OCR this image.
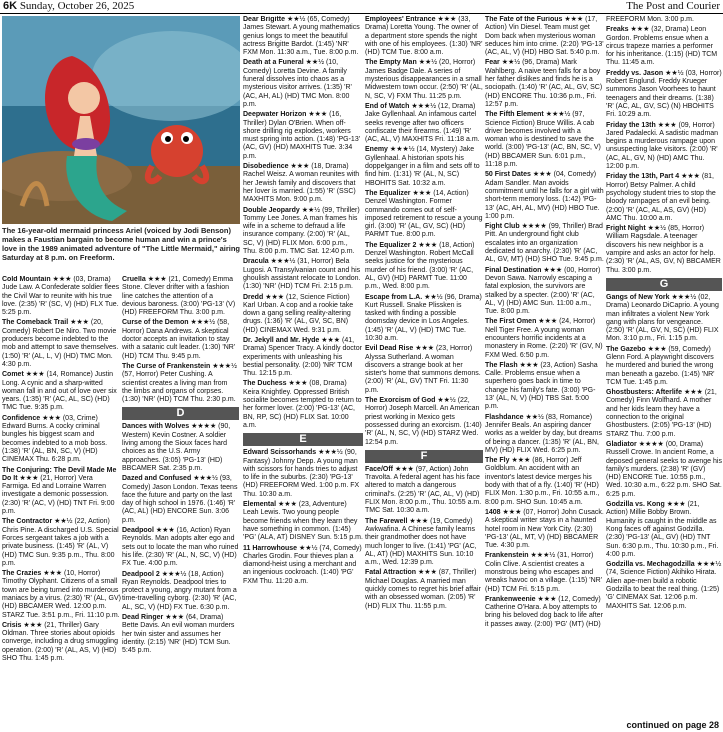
6K Sunday, October 26, 2025	The Post and Courier
The 16-year-old mermaid princess Ariel (voiced by Jodi Benson) makes a Faustian bargain to become human and win a prince's love in the 1989 animated adventure of "The Little Mermaid," airing Saturday at 8 p.m. on Freeform.
Cold Mountain ★★★ (03, Drama) Jude Law. A Confederate soldier flees the Civil War to reunite with his true love. (2:35) 'R' (SC, V) (HD) FLX Tue. 5:25 p.m.
The Comeback Trail ★★★ (20, Comedy) Robert De Niro. Two movie producers become indebted to the mob and attempt to save themselves. (1:50) 'R' (AL, L, V) (HD) TMC Mon. 4:30 p.m.
Comet ★★★ (14, Romance) Justin Long. A cynic and a sharp-witted woman fall in and out of love over six years. (1:35) 'R' (AC, AL, SC) (HD) TMC Tue. 9:35 p.m.
Confidence ★★★ (03, Crime) Edward Burns. A cocky criminal bungles his biggest scam and becomes indebted to a mob boss. (1:38) 'R' (AL, BN, SC, V) (HD) CINEMAX Thu. 6:28 p.m.
The Conjuring: The Devil Made Me Do It ★★★ (21, Horror) Vera Farmiga. Ed and Lorraine Warren investigate a demonic possession. (2:30) 'R' (AC, V) (HD) TNT Fri. 9:00 p.m.
The Contractor ★★½ (22, Action) Chris Pine. A discharged U.S. Special Forces sergeant takes a job with a private business. (1:45) 'R' (AL, V) (HD) TMC Sun. 9:35 p.m., Thu. 8:00 p.m.
The Crazies ★★★ (10, Horror) Timothy Olyphant. Citizens of a small town are being turned into murderous maniacs by a virus. (2:30) 'R' (AL, GV) (HD) BBCAMER Wed. 12:00 p.m. STARZ Tue. 3:51 p.m., Fri. 11:10 p.m.
Crisis ★★★ (21, Thriller) Gary Oldman. Three stories about opioids converge, including a drug smuggling operation. (2:00) 'R' (AL, AS, V) (HD) SHO Thu. 1:45 p.m.
Cruella ★★★ (21, Comedy) Emma Stone. Clever drifter with a fashion line catches the attention of a devious baroness. (3:00) 'PG-13' (V) (HD) FREEFORM Thu. 3:00 p.m.
Curse of the Demon ★★★½ (58, Horror) Dana Andrews. A skeptical doctor accepts an invitation to stay with a satanic cult leader. (1:30) 'NR' (HD) TCM Thu. 9:45 p.m.
The Curse of Frankenstein ★★★½ (57, Horror) Peter Cushing. A scientist creates a living man from the limbs and organs of corpses. (1:30) 'NR' (HD) TCM Thu. 2:30 p.m.
D
Dances with Wolves ★★★★ (90, Western) Kevin Costner. A soldier living among the Sioux faces hard choices as the U.S. Army approaches. (3:05) 'PG-13' (HD) BBCAMER Sat. 2:35 p.m.
Dazed and Confused ★★★½ (93, Comedy) Jason London. Texas teens face the future and party on the last day of high school in 1976. (1:46) 'R' (AC, AL) (HD) ENCORE Sun. 3:06 p.m.
Deadpool ★★★ (16, Action) Ryan Reynolds. Man adopts alter ego and sets out to locate the man who ruined his life. (2:30) 'R' (AL, N, SC, V) (HD) FX Tue. 4:00 p.m.
Deadpool 2 ★★★½ (18, Action) Ryan Reynolds. Deadpool tries to protect a young, angry mutant from a time-travelling cyborg. (2:30) 'R' (AC, AL, SC, V) (HD) FX Tue. 6:30 p.m.
Dead Ringer ★★★ (64, Drama) Bette Davis. An evil woman murders her twin sister and assumes her identity. (2:15) 'NR' (HD) TCM Sun. 5:45 p.m.
Dear Brigitte ★★½ (65, Comedy) James Stewart. A young mathematics genius longs to meet the beautiful actress Brigitte Bardot. (1:45) 'NR' FXM Mon. 11:30 a.m., Tue. 8:00 p.m.
Death at a Funeral ★★½ (10, Comedy) Loretta Devine. A family funeral dissolves into chaos as a mysterious visitor arrives. (1:35) 'R' (AC, AH, AL) (HD) TMC Mon. 8:00 p.m.
Deepwater Horizon ★★★ (16, Thriller) Dylan O'Brien. When off-shore drilling rig explodes, workers must spring into action. (1:48) 'PG-13' (AC, GV) (HD) MAXHITS Tue. 3:34 p.m.
Disobedience ★★★ (18, Drama) Rachel Weisz. A woman reunites with her Jewish family and discovers that her lover is married. (1:55) 'R' (SSC) MAXHITS Mon. 9:00 p.m.
Double Jeopardy ★★½ (99, Thriller) Tommy Lee Jones. A man frames his wife in a scheme to defraud a life insurance company. (2:00) 'R' (AL, SC, V) (HD) FLIX Mon. 6:00 p.m., Thu. 8:00 p.m. TMC Sat. 12:40 p.m.
Dracula ★★★½ (31, Horror) Bela Lugosi. A Transylvanian count and his ghoulish assistant relocate to London. (1:30) 'NR' (HD) TCM Fri. 2:15 p.m.
Dredd ★★★ (12, Science Fiction) Karl Urban. A cop and a rookie take down a gang selling reality-altering drugs. (1:36) 'R' (AL, GV, SC, BN) (HD) CINEMAX Wed. 9:31 p.m.
Dr. Jekyll and Mr. Hyde ★★★ (41, Drama) Spencer Tracy. A kindly doctor experiments with unleashing his bestial personality. (2:00) 'NR' TCM Thu. 12:15 p.m.
The Duchess ★★★ (08, Drama) Keira Knightley. Oppressed British socialite becomes tempted to return to her former lover. (2:00) 'PG-13' (AC, BN, RP, SC) (HD) FLIX Sat. 10:00 a.m.
E
Edward Scissorhands ★★★½ (90, Fantasy) Johnny Depp. A young man with scissors for hands tries to adjust to life in the suburbs. (2:30) 'PG-13' (HD) FREEFORM Wed. 1:00 p.m. FX Thu. 10:30 a.m.
Elemental ★★★ (23, Adventure) Leah Lewis. Two young people become friends when they learn they have something in common. (1:45) 'PG' (ALA, AT) DISNEY Sun. 5:15 p.m.
11 Harrowhouse ★★½ (74, Comedy) Charles Grodin. Four thieves plan a diamond-heist using a merchant and an ingenious cockroach. (1:40) 'PG' FXM Thu. 11:20 a.m.
Employees' Entrance ★★★ (33, Drama) Loretta Young. The owner of a department store spends the night with one of his employees. (1:30) 'NR' (HD) TCM Tue. 8:00 a.m.
The Empty Man ★★½ (20, Horror) James Badge Dale. A series of mysterious disappearances in a small Midwestern town occur. (2:50) 'R' (AL, N, SC, V) FXM Thu. 11:25 p.m.
End of Watch ★★★½ (12, Drama) Jake Gyllenhaal. An infamous cartel seeks revenge after two officers confiscate their firearms. (1:49) 'R' (AC, AL, V) MAXHITS Fri. 11:18 a.m.
Enemy ★★★½ (14, Mystery) Jake Gyllenhaal. A historian spots his doppelganger in a film and sets off to find him. (1:31) 'R' (AL, N, SC) HBOHITS Sat. 10:32 a.m.
The Equalizer ★★★ (14, Action) Denzel Washington. Former commando comes out of self-imposed retirement to rescue a young girl. (3:00) 'R' (AL, GV, SC) (HD) PARMT Tue. 8:00 p.m.
The Equalizer 2 ★★★ (18, Action) Denzel Washington. Robert McCall seeks justice for the mysterious murder of his friend. (3:00) 'R' (AC, AL, GV) (HD) PARMT Tue. 11:00 p.m., Wed. 8:00 p.m.
Escape from L.A. ★★½ (96, Drama) Kurt Russell. Snake Plissken is tasked with finding a possible doomsday device in Los Angeles. (1:45) 'R' (AL, V) (HD) TMC Tue. 10:30 a.m.
Evil Dead Rise ★★★ (23, Horror) Alyssa Sutherland. A woman discovers a strange book at her sister's home that summons demons. (2:00) 'R' (AL, GV) TNT Fri. 11:30 p.m.
The Exorcism of God ★★½ (22, Horror) Joseph Marcell. An American priest working in Mexico gets possessed during an exorcism. (1:40) 'R' (AL, N, SC, V) (HD) STARZ Wed. 12:54 p.m.
F
Face/Off ★★★ (97, Action) John Travolta. A federal agent has his face altered to match a dangerous criminal's. (2:25) 'R' (AC, AL, V) (HD) FLIX Mon. 8:00 p.m., Thu. 10:55 a.m. TMC Sat. 10:30 a.m.
The Farewell ★★★ (19, Comedy) Awkwafina. A Chinese family learns their grandmother does not have much longer to live. (1:41) 'PG' (AC, AL, AT) (HD) MAXHITS Sun. 10:10 a.m., Wed. 12:39 p.m.
Fatal Attraction ★★★ (87, Thriller) Michael Douglas. A married man quickly comes to regret his brief affair with an obsessed woman. (2:05) 'R' (HD) FLIX Thu. 11:55 p.m.
The Fate of the Furious ★★★ (17, Action) Vin Diesel. Team must get Dom back when mysterious woman seduces him into crime. (2:20) 'PG-13' (AC, AL, V) (HD) HBO Sat. 5:40 p.m.
Fear ★★½ (96, Drama) Mark Wahlberg. A naive teen falls for a boy her father dislikes and finds he is a sociopath. (1:40) 'R' (AC, AL, GV, SC) (HD) ENCORE Thu. 10:36 p.m., Fri. 12:57 p.m.
The Fifth Element ★★★½ (97, Science Fiction) Bruce Willis. A cab driver becomes involved with a woman who is destined to save the world. (3:00) 'PG-13' (AC, BN, SC, V) (HD) BBCAMER Sun. 6:01 p.m., 11:18 p.m.
50 First Dates ★★★ (04, Comedy) Adam Sandler. Man avoids commitment until he falls for a girl with short-term memory loss. (1:42) 'PG-13' (AC, AH, AL, MV) (HD) HBO Tue. 1:00 p.m.
Fight Club ★★★★ (99, Thriller) Brad Pitt. An underground fight club escalates into an organization dedicated to anarchy. (2:30) 'R' (AC, AL, GV, MT) (HD) SHO Tue. 9:45 p.m.
Final Destination ★★★ (00, Horror) Devon Sawa. Narrowly escaping a fatal explosion, the survivors are stalked by a specter. (2:00) 'R' (AC, AL, V) (HD) AMC Sun. 11:00 a.m., Tue. 8:00 p.m.
The First Omen ★★★ (24, Horror) Nell Tiger Free. A young woman encounters horrific incidents at a monastery in Rome. (2:20) 'R' (GV, N) FXM Wed. 6:50 p.m.
The Flash ★★★ (23, Action) Sasha Calle. Problems ensue when a superhero goes back in time to change his family's fate. (3:00) 'PG-13' (AL, N, V) (HD) TBS Sat. 5:00 p.m.
Flashdance ★★½ (83, Romance) Jennifer Beals. An aspiring dancer works as a welder by day, but dreams of being a dancer. (1:35) 'R' (AL, BN, MV) (HD) FLIX Wed. 6:25 p.m.
The Fly ★★★ (86, Horror) Jeff Goldblum. An accident with an inventor's latest device merges his body with that of a fly. (1:40) 'R' (HD) FLIX Mon. 1:30 p.m., Fri. 10:55 a.m., 8:00 p.m. SHO Sun. 10:45 a.m.
1408 ★★★ (07, Horror) John Cusack. A skeptical writer stays in a haunted hotel room in New York City. (2:30) 'PG-13' (AL, MT, V) (HD) BBCAMER Tue. 4:30 p.m.
Frankenstein ★★★½ (31, Horror) Colin Clive. A scientist creates a monstrous being who escapes and wreaks havoc on a village. (1:15) 'NR' (HD) TCM Fri. 5:15 p.m.
Frankenweenie ★★★ (12, Comedy) Catherine O'Hara. A boy attempts to bring his beloved dog back to life after it passes away. (2:00) 'PG' (MT) (HD)
FREEFORM Mon. 3:00 p.m.
Freaks ★★★ (32, Drama) Leon Gordon. Problems ensue when a circus trapeze marries a performer for his inheritance. (1:15) (HD) TCM Thu. 11:45 a.m.
Freddy vs. Jason ★★½ (03, Horror) Robert Englund. Freddy Krueger summons Jason Voorhees to haunt teenagers and their dreams. (1:38) 'R' (AC, AL, GV, SC) (N) HBOHITS Fri. 10:29 a.m.
Friday the 13th ★★★ (09, Horror) Jared Padalecki. A sadistic madman begins a murderous rampage upon unsuspecting lake visitors. (2:00) 'R' (AC, AL, GV, N) (HD) AMC Thu. 12:00 p.m.
Friday the 13th, Part 4 ★★★ (81, Horror) Betsy Palmer. A child psychology student tries to stop the bloody rampages of an evil being. (2:00) 'R' (AC, AL, AS, GV) (HD) AMC Thu. 10:00 a.m.
Fright Night ★★½ (85, Horror) William Ragsdale. A teenager discovers his new neighbor is a vampire and asks an actor for help. (2:30) 'R' (AL, AS, GV, N) BBCAMER Thu. 3:00 p.m.
G
Gangs of New York ★★★½ (02, Drama) Leonardo DiCaprio. A young man infiltrates a violent New York gang with plans for vengeance. (2:50) 'R' (AL, GV, N, SC) (HD) FLIX Mon. 3:10 p.m., Fri. 1:15 p.m.
The Gazebo ★★★ (59, Comedy) Glenn Ford. A playwright discovers he murdered and buried the wrong man beneath a gazebo. (1:45) 'NR' TCM Tue. 1:45 p.m.
Ghostbusters: Afterlife ★★★ (21, Comedy) Finn Wolfhard. A mother and her kids learn they have a connection to the original Ghostbusters. (2:05) 'PG-13' (HD) STARZ Thu. 7:00 p.m.
Gladiator ★★★★ (00, Drama) Russell Crowe. In ancient Rome, a deposed general seeks to avenge his family's murders. (2:38) 'R' (GV) (HD) ENCORE Tue. 10:55 p.m., Wed. 10:30 a.m., 6:22 p.m. SHO Sat. 6:25 p.m.
Godzilla vs. Kong ★★★ (21, Action) Millie Bobby Brown. Humanity is caught in the middle as Kong faces off against Godzilla. (2:30) 'PG-13' (AL, GV) (HD) TNT Sun. 6:30 p.m., Thu. 10:30 p.m., Fri. 4:00 p.m.
Godzilla vs. Mechagodzilla ★★★½ (74, Science Fiction) Akihiko Hirata. Alien ape-men build a robotic Godzilla to beat the real thing. (1:25) 'G' CINEMAX Sat. 12:06 p.m. MAXHITS Sat. 12:06 p.m.
continued on page 28
